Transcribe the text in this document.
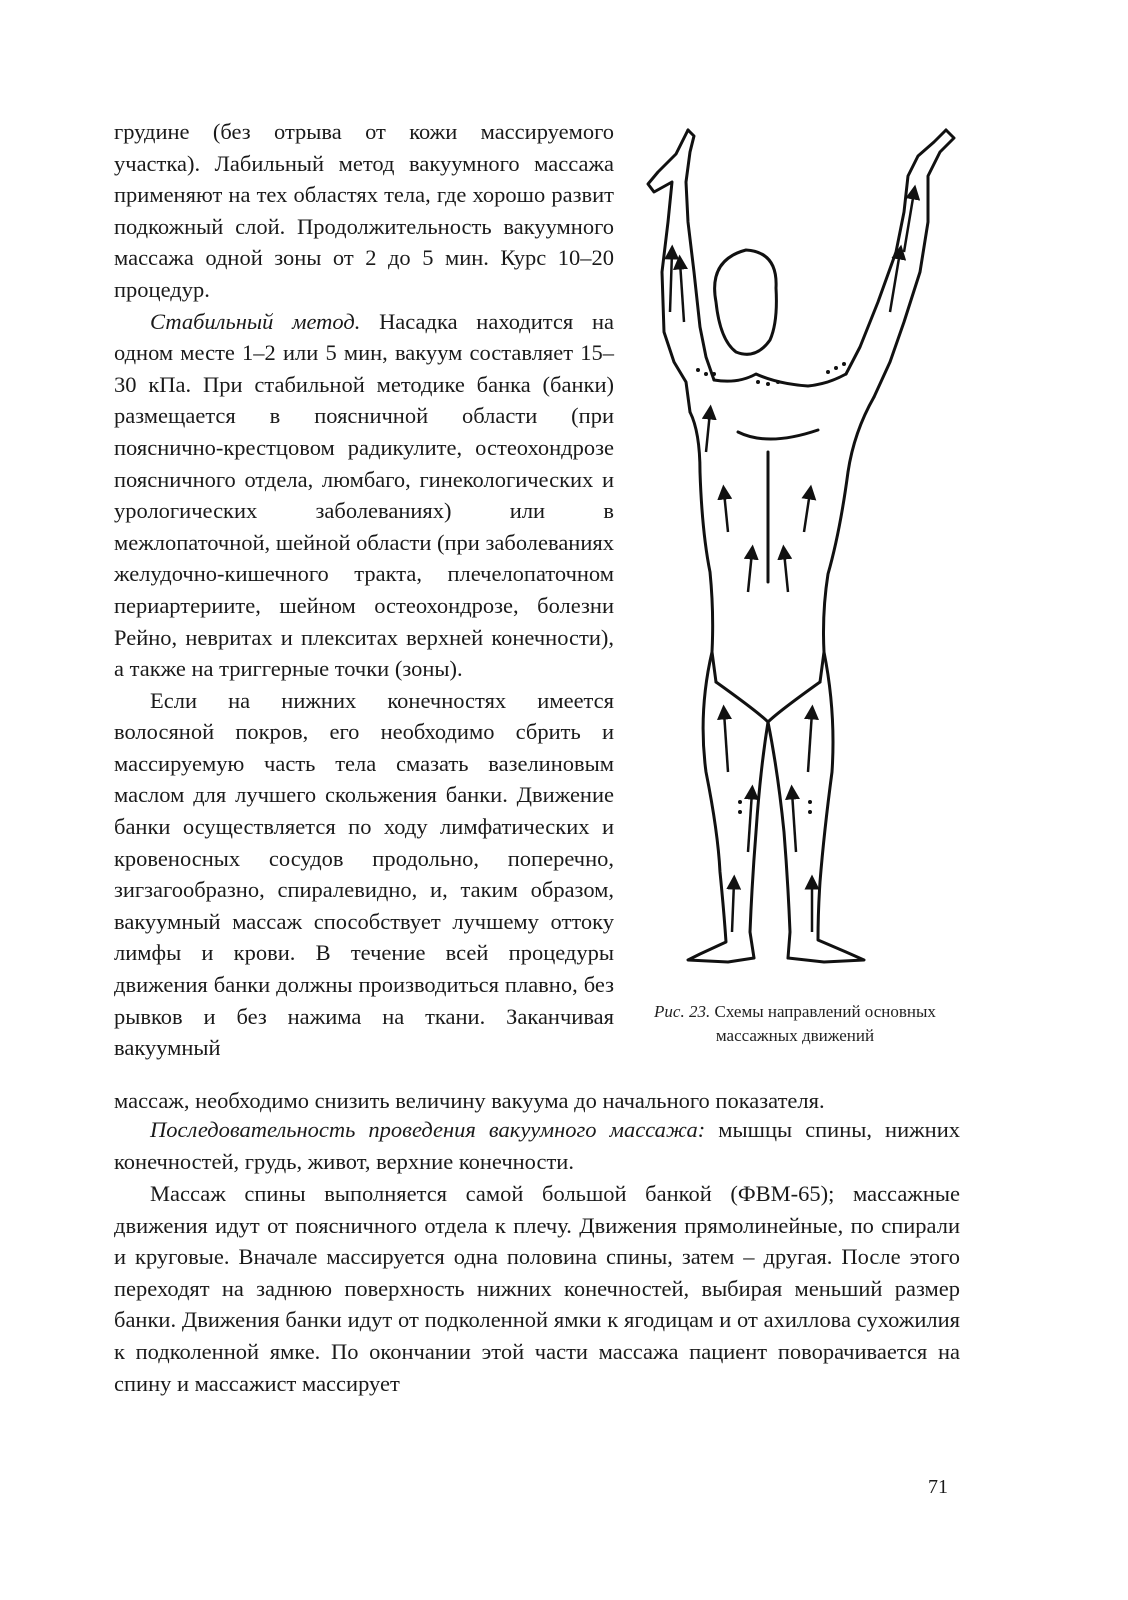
грудине (без отрыва от кожи массируемого участка). Лабильный метод вакуумного массажа применяют на тех областях тела, где хорошо развит подкожный слой. Продолжительность вакуумного массажа одной зоны от 2 до 5 мин. Курс 10–20 процедур.

Стабильный метод. Насадка находится на одном месте 1–2 или 5 мин, вакуум составляет 15–30 кПа. При стабильной методике банка (банки) размещается в поясничной области (при пояснично-крестцовом радикулите, остеохондрозе поясничного отдела, люмбаго, гинекологических и урологических заболеваниях) или в межлопаточной, шейной области (при заболеваниях желудочно-кишечного тракта, плечелопаточном периартериите, шейном остеохондрозе, болезни Рейно, невритах и плекситах верхней конечности), а также на триггерные точки (зоны).

Если на нижних конечностях имеется волосяной покров, его необходимо сбрить и массируемую часть тела смазать вазелиновым маслом для лучшего скольжения банки. Движение банки осуществляется по ходу лимфатических и кровеносных сосудов продольно, поперечно, зигзагообразно, спиралевидно, и, таким образом, вакуумный массаж способствует лучшему оттоку лимфы и крови. В течение всей процедуры движения банки должны производиться плавно, без рывков и без нажима на ткани. Заканчивая вакуумный

Рис. 23. Схемы направлений основных массажных движений

массаж, необходимо снизить величину вакуума до начального показателя.

Последовательность проведения вакуумного массажа: мышцы спины, нижних конечностей, грудь, живот, верхние конечности.

Массаж спины выполняется самой большой банкой (ФВМ-65); массажные движения идут от поясничного отдела к плечу. Движения прямолинейные, по спирали и круговые. Вначале массируется одна половина спины, затем – другая. После этого переходят на заднюю поверхность нижних конечностей, выбирая меньший размер банки. Движения банки идут от подколенной ямки к ягодицам и от ахиллова сухожилия к подколенной ямке. По окончании этой части массажа пациент поворачивается на спину и массажист массирует

71
